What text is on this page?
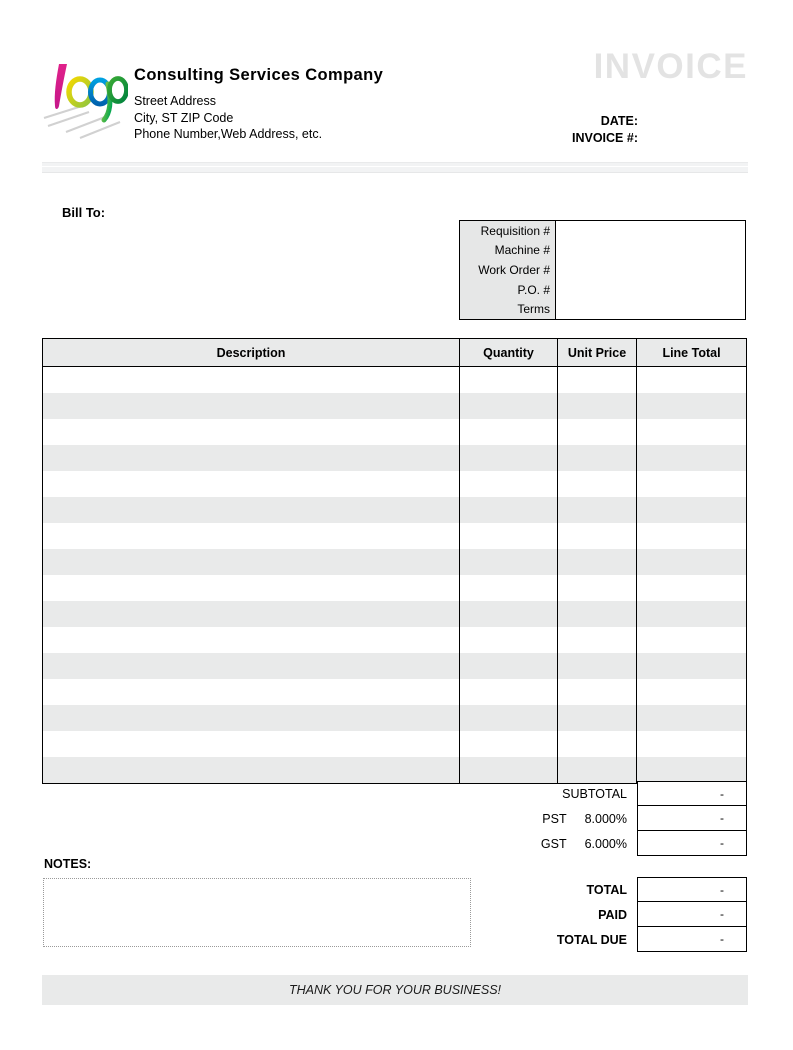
Consulting Services Company
Street Address
City, ST ZIP Code
Phone Number,Web Address, etc.
INVOICE
DATE:
INVOICE #:
Bill To:
Requisition #
Machine #
Work Order #
P.O. #
Terms
Description	Quantity	Unit Price	Line Total
SUBTOTAL	-
PST 8.000%	-
GST 6.000%	-
NOTES:
TOTAL	-
PAID	-
TOTAL DUE	-
THANK YOU FOR YOUR BUSINESS!
